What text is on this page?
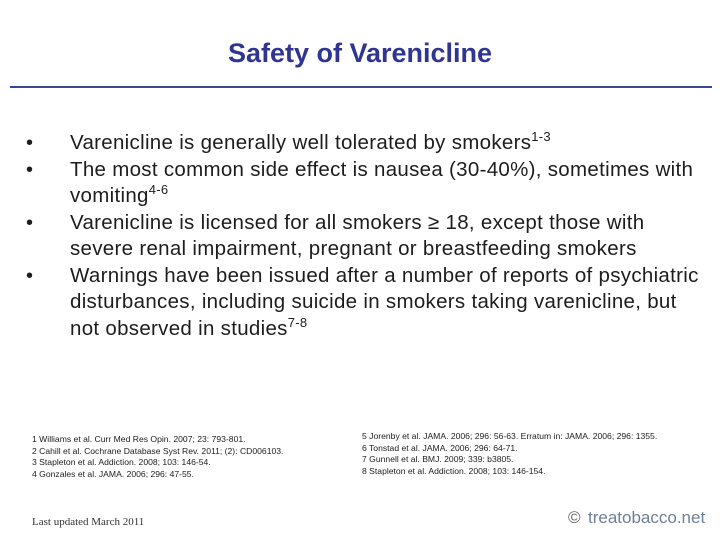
Safety of Varenicline
• Varenicline is generally well tolerated by smokers$^{1-3}$
• The most common side effect is nausea (30-40%), sometimes with vomiting$^{4-6}$
• Varenicline is licensed for all smokers ≥ 18, except those with severe renal impairment, pregnant or breastfeeding smokers
• Warnings have been issued after a number of reports of psychiatric disturbances, including suicide in smokers taking varenicline, but not observed in studies$^{7-8}$
1 Williams et al. Curr Med Res Opin. 2007; 23: 793-801.
2 Cahill et al. Cochrane Database Syst Rev. 2011; (2): CD006103.
3 Stapleton et al. Addiction. 2008; 103: 146-54.
4 Gonzales et al. JAMA. 2006; 296: 47-55.
5 Jorenby et al. JAMA. 2006; 296: 56-63. Erratum in: JAMA. 2006; 296: 1355.
6 Tonstad et al. JAMA. 2006; 296: 64-71.
7 Gunnell et al. BMJ. 2009; 339: b3805.
8 Stapleton et al. Addiction. 2008; 103: 146-154.
Last updated March 2011	© treatobacco.net
